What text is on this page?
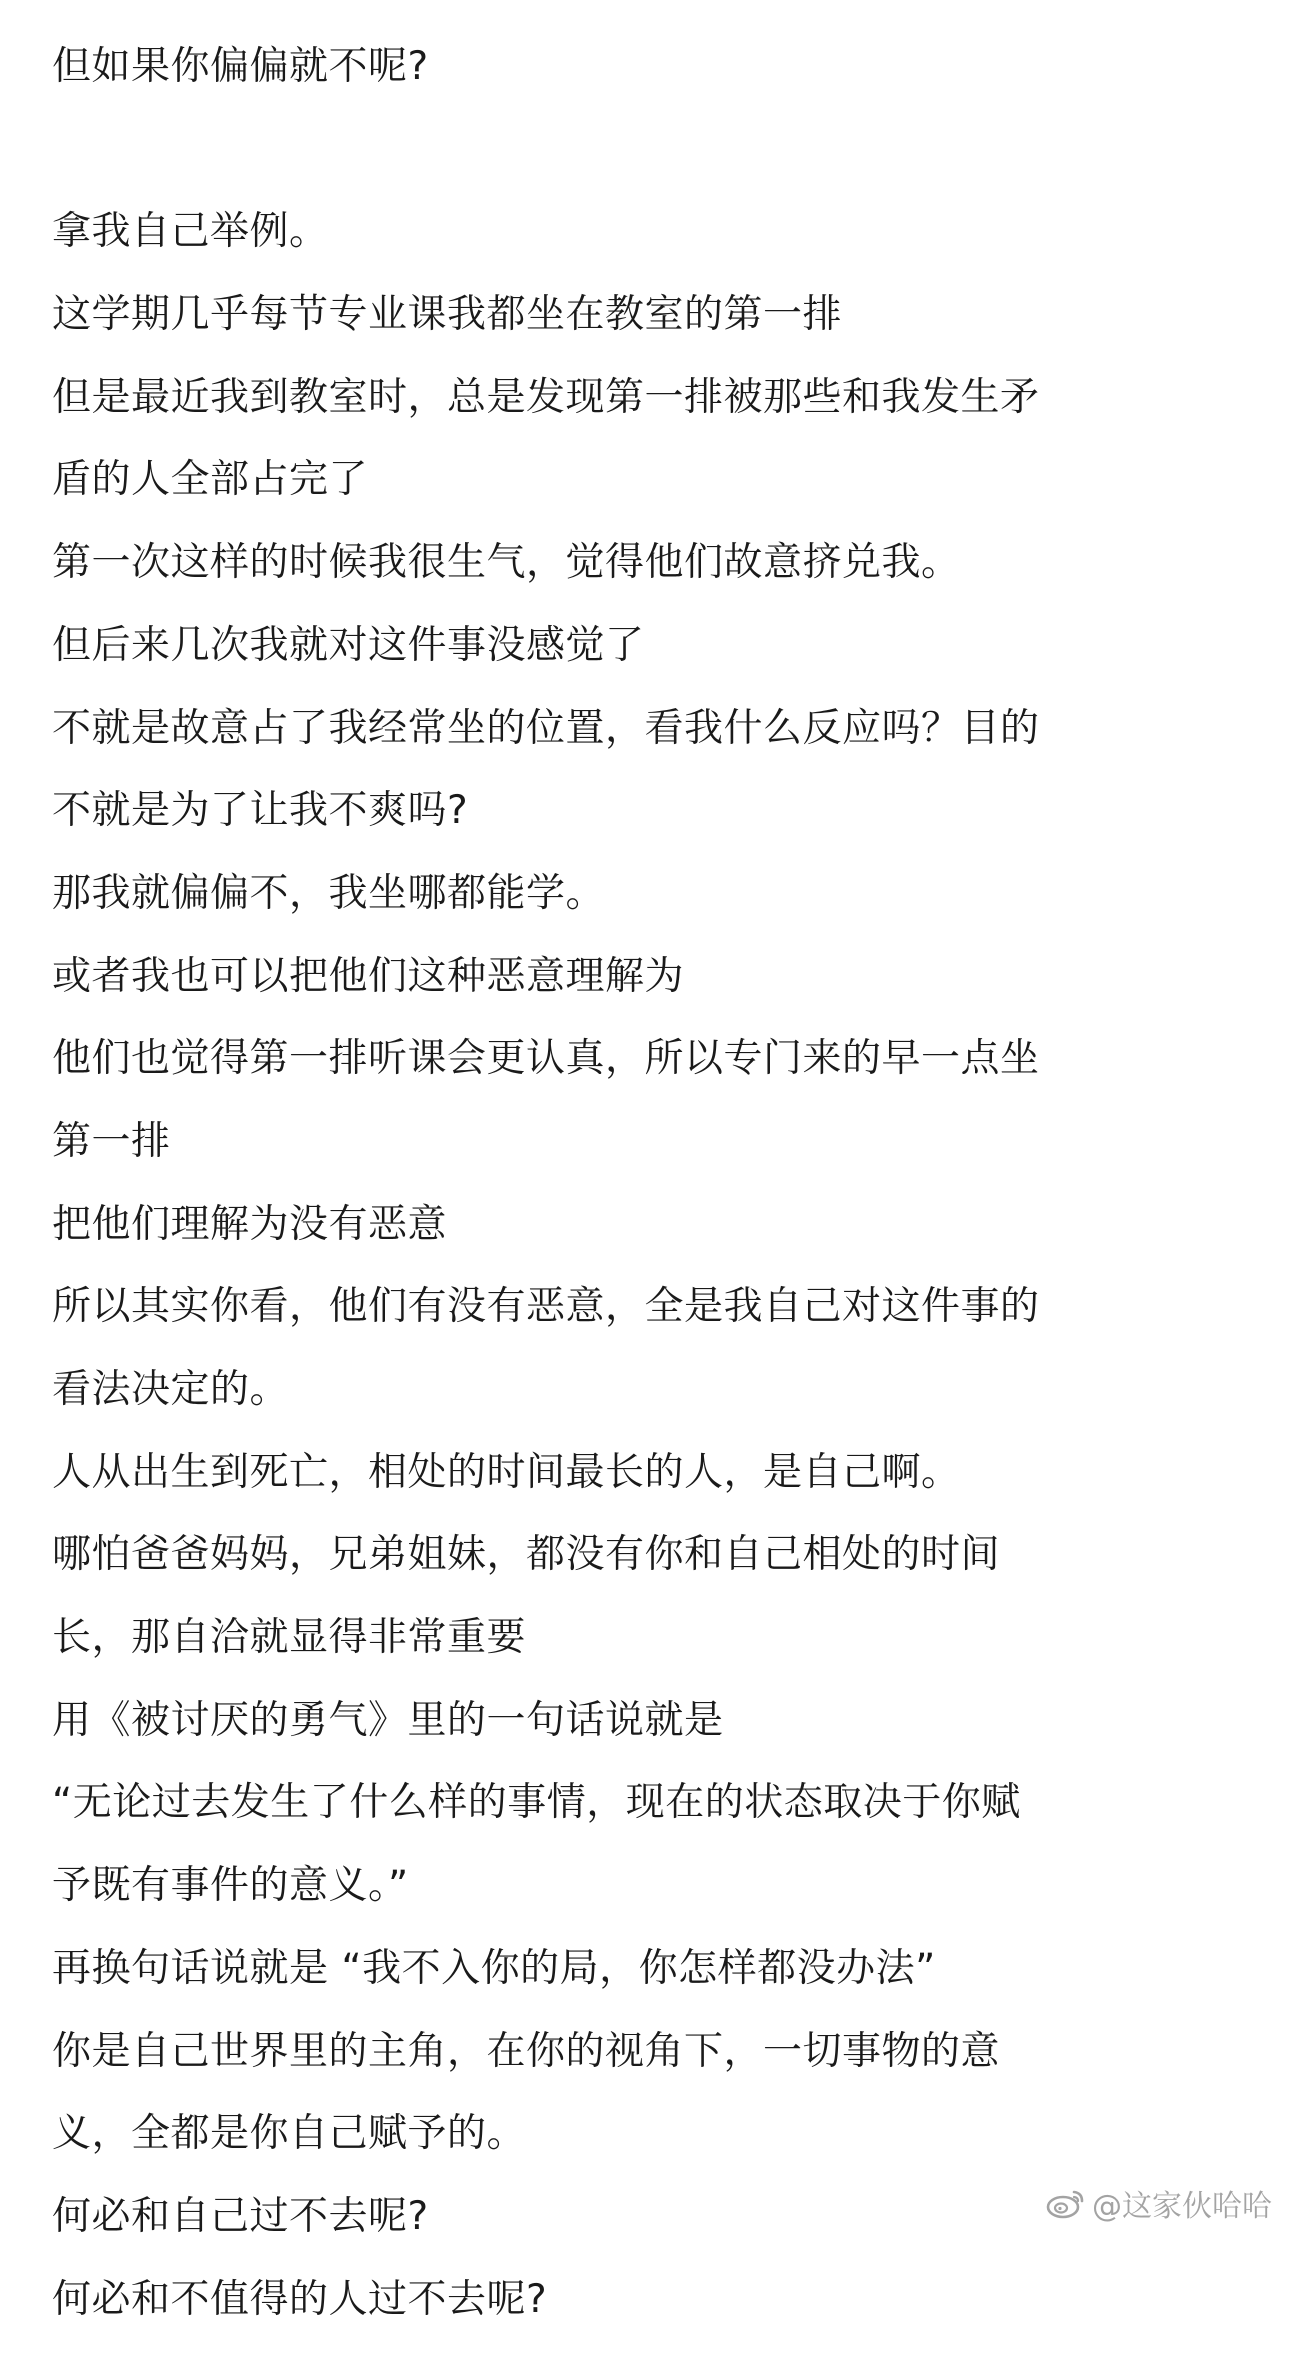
但如果你偏偏就不呢?
拿我自己举例。
这学期几乎每节专业课我都坐在教室的第一排
但是最近我到教室时，总是发现第一排被那些和我发生矛
盾的人全部占完了
第一次这样的时候我很生气，觉得他们故意挤兑我。
但后来几次我就对这件事没感觉了
不就是故意占了我经常坐的位置，看我什么反应吗？目的
不就是为了让我不爽吗?
那我就偏偏不，我坐哪都能学。
或者我也可以把他们这种恶意理解为
他们也觉得第一排听课会更认真，所以专门来的早一点坐
第一排
把他们理解为没有恶意
所以其实你看，他们有没有恶意，全是我自己对这件事的
看法决定的。
人从出生到死亡，相处的时间最长的人，是自己啊。
哪怕爸爸妈妈，兄弟姐妹，都没有你和自己相处的时间
长，那自洽就显得非常重要
用《被讨厌的勇气》里的一句话说就是
“无论过去发生了什么样的事情，现在的状态取决于你赋
予既有事件的意义。”
再换句话说就是 “我不入你的局，你怎样都没办法”
你是自己世界里的主角，在你的视角下，一切事物的意
义，全都是你自己赋予的。
何必和自己过不去呢?
何必和不值得的人过不去呢?
@这家伙哈哈
